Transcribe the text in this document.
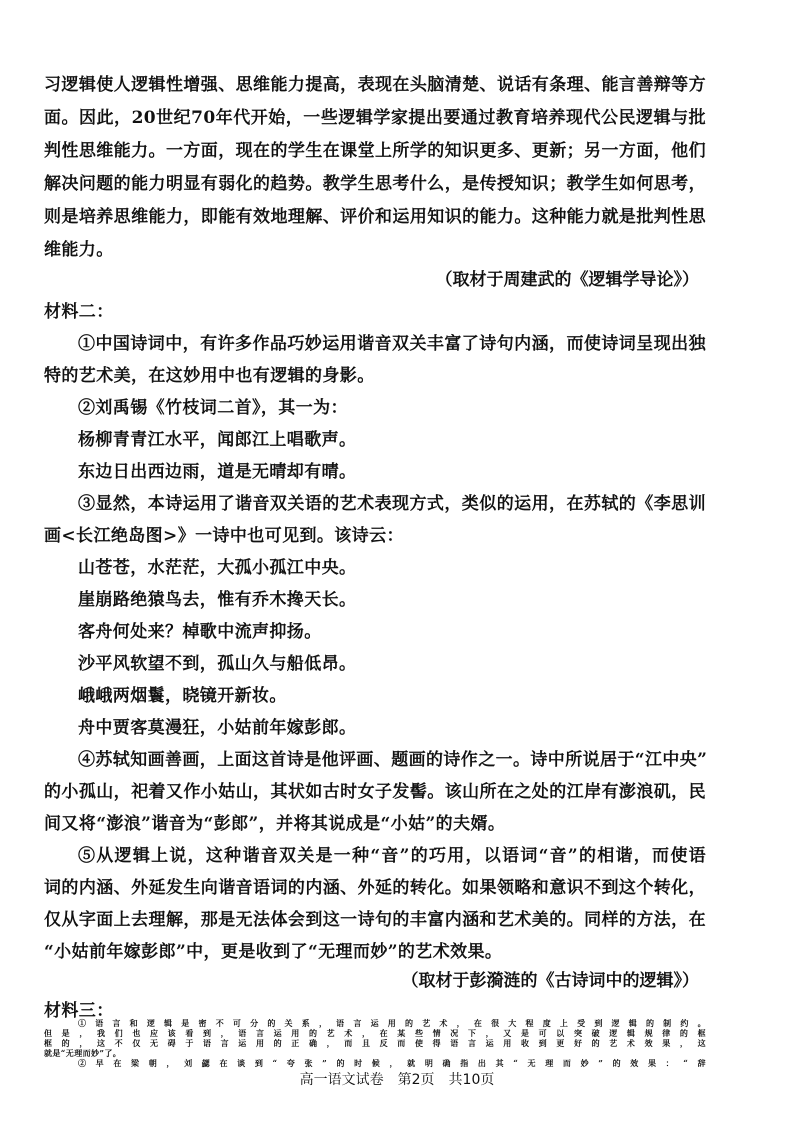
习逻辑使人逻辑性增强、思维能力提高，表现在头脑清楚、说话有条理、能言善辩等方
面。因此，20世纪70年代开始，一些逻辑学家提出要通过教育培养现代公民逻辑与批
判性思维能力。一方面，现在的学生在课堂上所学的知识更多、更新；另一方面，他们
解决问题的能力明显有弱化的趋势。教学生思考什么，是传授知识；教学生如何思考，
则是培养思维能力，即能有效地理解、评价和运用知识的能力。这种能力就是批判性思
维能力。
（取材于周建武的《逻辑学导论》）
材料二：
①中国诗词中，有许多作品巧妙运用谐音双关丰富了诗句内涵，而使诗词呈现出独
特的艺术美，在这妙用中也有逻辑的身影。
②刘禹锡《竹枝词二首》，其一为：
杨柳青青江水平，闻郎江上唱歌声。
东边日出西边雨，道是无晴却有晴。
③显然，本诗运用了谐音双关语的艺术表现方式，类似的运用，在苏轼的《李思训
画<长江绝岛图>》一诗中也可见到。该诗云：
山苍苍，水茫茫，大孤小孤江中央。
崖崩路绝猿鸟去，惟有乔木搀天长。
客舟何处来？棹歌中流声抑扬。
沙平风软望不到，孤山久与船低昂。
峨峨两烟鬟，晓镜开新妆。
舟中贾客莫漫狂，小姑前年嫁彭郎。
④苏轼知画善画，上面这首诗是他评画、题画的诗作之一。诗中所说居于“江中央”
的小孤山，祀着又作小姑山，其状如古时女子发髻。该山所在之处的江岸有澎浪矶，民
间又将“澎浪”谐音为“彭郎”，并将其说成是“小姑”的夫婿。
⑤从逻辑上说，这种谐音双关是一种“音”的巧用，以语词“音”的相谐，而使语
词的内涵、外延发生向谐音语词的内涵、外延的转化。如果领略和意识不到这个转化，
仅从字面上去理解，那是无法体会到这一诗句的丰富内涵和艺术美的。同样的方法，在
“小姑前年嫁彭郎”中，更是收到了“无理而妙”的艺术效果。
（取材于彭漪涟的《古诗词中的逻辑》）
材料三：
高一语文试卷　第2页　共10页
①语言和逻辑是密不可分的关系，语言运用的艺术，在很大程度上受到逻辑的制约。
但是，我们也应该看到，语言运用的艺术，在某些情况下，又是可以突破逻辑规律的框
框的，这不仅无碍于语言运用的正确，而且反而使得语言运用收到更好的艺术效果，这
就是“无理而妙”了。
②早在梁朝，刘勰在谈到“夸张”的时候，就明确指出其“无理而妙”的效果：“辞
